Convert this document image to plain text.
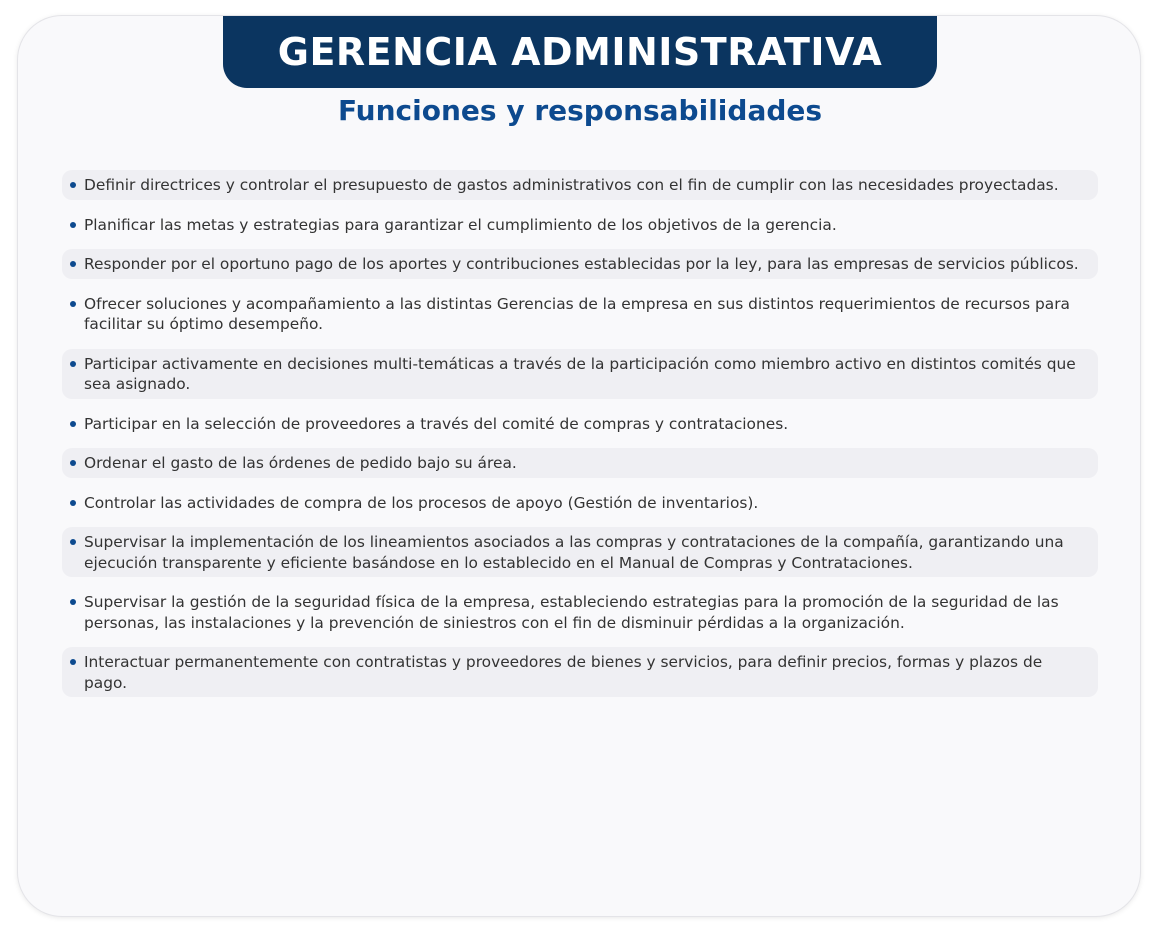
GERENCIA ADMINISTRATIVA
Funciones y responsabilidades
Definir directrices y controlar el presupuesto de gastos administrativos con el fin de cumplir con las necesidades proyectadas.
Planificar las metas y estrategias para garantizar el cumplimiento de los objetivos de la gerencia.
Responder por el oportuno pago de los aportes y contribuciones establecidas por la ley, para las empresas de servicios públicos.
Ofrecer soluciones y acompañamiento a las distintas Gerencias de la empresa en sus distintos requerimientos de recursos para facilitar su óptimo desempeño.
Participar activamente en decisiones multi-temáticas a través de la participación como miembro activo en distintos comités que sea asignado.
Participar en la selección de proveedores a través del comité de compras y contrataciones.
Ordenar el gasto de las órdenes de pedido bajo su área.
Controlar las actividades de compra de los procesos de apoyo (Gestión de inventarios).
Supervisar la implementación de los lineamientos asociados a las compras y contrataciones de la compañía, garantizando una ejecución transparente y eficiente basándose en lo establecido en el Manual de Compras y Contrataciones.
Supervisar la gestión de la seguridad física de la empresa, estableciendo estrategias para la promoción de la seguridad de las personas, las instalaciones y la prevención de siniestros con el fin de disminuir pérdidas a la organización.
Interactuar permanentemente con contratistas y proveedores de bienes y servicios, para definir precios, formas y plazos de pago.
